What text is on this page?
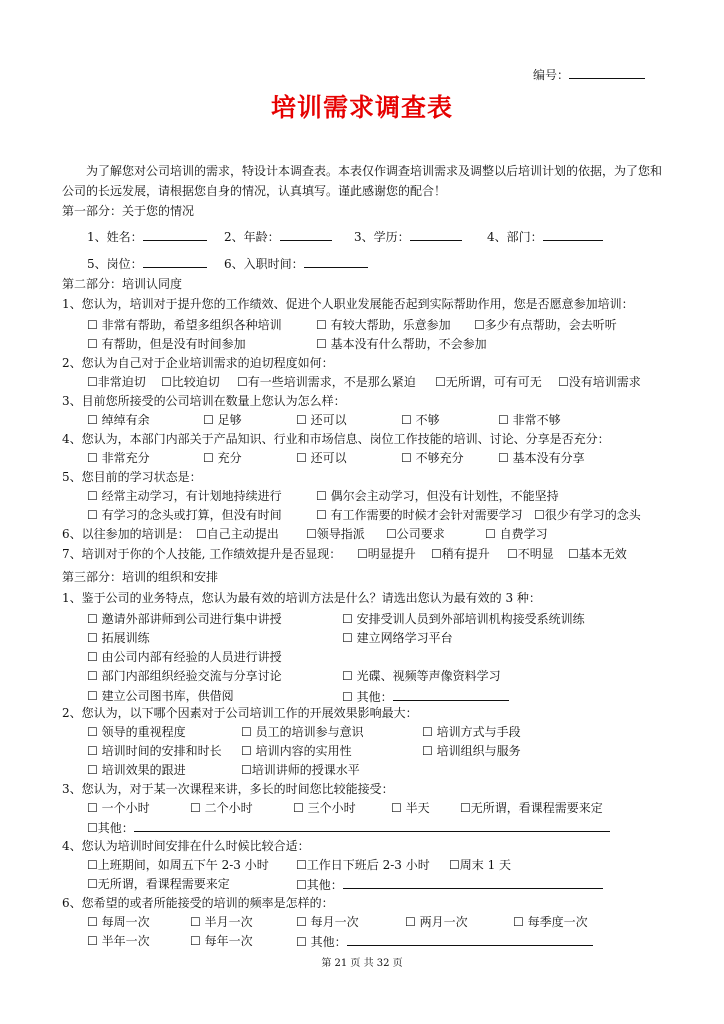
编号：
培训需求调查表
为了解您对公司培训的需求，特设计本调查表。本表仅作调查培训需求及调整以后培训计划的依据，为了您和公司的长远发展，请根据您自身的情况，认真填写。谨此感谢您的配合！
第一部分：关于您的情况
1、姓名：	2、年龄：	3、学历：	4、部门：
5、岗位：	6、入职时间：
第二部分：培训认同度
1、您认为，培训对于提升您的工作绩效、促进个人职业发展能否起到实际帮助作用，您是否愿意参加培训：
☐ 非常有帮助，希望多组织各种培训	☐ 有较大帮助，乐意参加 ☐多少有点帮助，会去听听
☐ 有帮助，但是没有时间参加	☐ 基本没有什么帮助，不会参加
2、您认为自己对于企业培训需求的迫切程度如何：
☐非常迫切 ☐比较迫切 ☐有一些培训需求，不是那么紧迫 ☐无所谓，可有可无 ☐没有培训需求
3、目前您所接受的公司培训在数量上您认为怎么样：
☐ 绰绰有余	☐ 足够	☐ 还可以	☐ 不够	☐ 非常不够
4、您认为，本部门内部关于产品知识、行业和市场信息、岗位工作技能的培训、讨论、分享是否充分：
☐ 非常充分	☐ 充分	☐ 还可以	☐ 不够充分	☐ 基本没有分享
5、您目前的学习状态是：
☐ 经常主动学习，有计划地持续进行	☐ 偶尔会主动学习，但没有计划性，不能坚持
☐ 有学习的念头或打算，但没有时间	☐ 有工作需要的时候才会针对需要学习 ☐很少有学习的念头
6、以往参加的培训是： ☐自己主动提出 ☐领导指派 ☐公司要求	☐ 自费学习
7、培训对于你的个人技能, 工作绩效提升是否显现： ☐明显提升 ☐稍有提升 ☐不明显 ☐基本无效
第三部分：培训的组织和安排
1、鉴于公司的业务特点，您认为最有效的培训方法是什么？请选出您认为最有效的 3 种：
☐ 邀请外部讲师到公司进行集中讲授	☐ 安排受训人员到外部培训机构接受系统训练
☐ 拓展训练	☐ 建立网络学习平台
☐ 由公司内部有经验的人员进行讲授
☐ 部门内部组织经验交流与分享讨论	☐ 光碟、视频等声像资料学习
☐ 建立公司图书库，供借阅	☐ 其他：
2、您认为，以下哪个因素对于公司培训工作的开展效果影响最大：
☐ 领导的重视程度	☐ 员工的培训参与意识	☐ 培训方式与手段
☐ 培训时间的安排和时长 ☐ 培训内容的实用性	☐ 培训组织与服务
☐ 培训效果的跟进	☐培训讲师的授课水平
3、您认为，对于某一次课程来讲，多长的时间您比较能接受：
☐ 一个小时	☐ 二个小时	☐ 三个小时	☐ 半天	☐无所谓，看课程需要来定
☐其他：
4、您认为培训时间安排在什么时候比较合适：
☐上班期间，如周五下午 2-3 小时 ☐工作日下班后 2-3 小时 ☐周末 1 天
☐无所谓，看课程需要来定	☐其他：
6、您希望的或者所能接受的培训的频率是怎样的：
☐ 每周一次	☐ 半月一次	☐ 每月一次	☐ 两月一次	☐ 每季度一次
☐ 半年一次	☐ 每年一次	☐ 其他：
第 21 页 共 32 页
